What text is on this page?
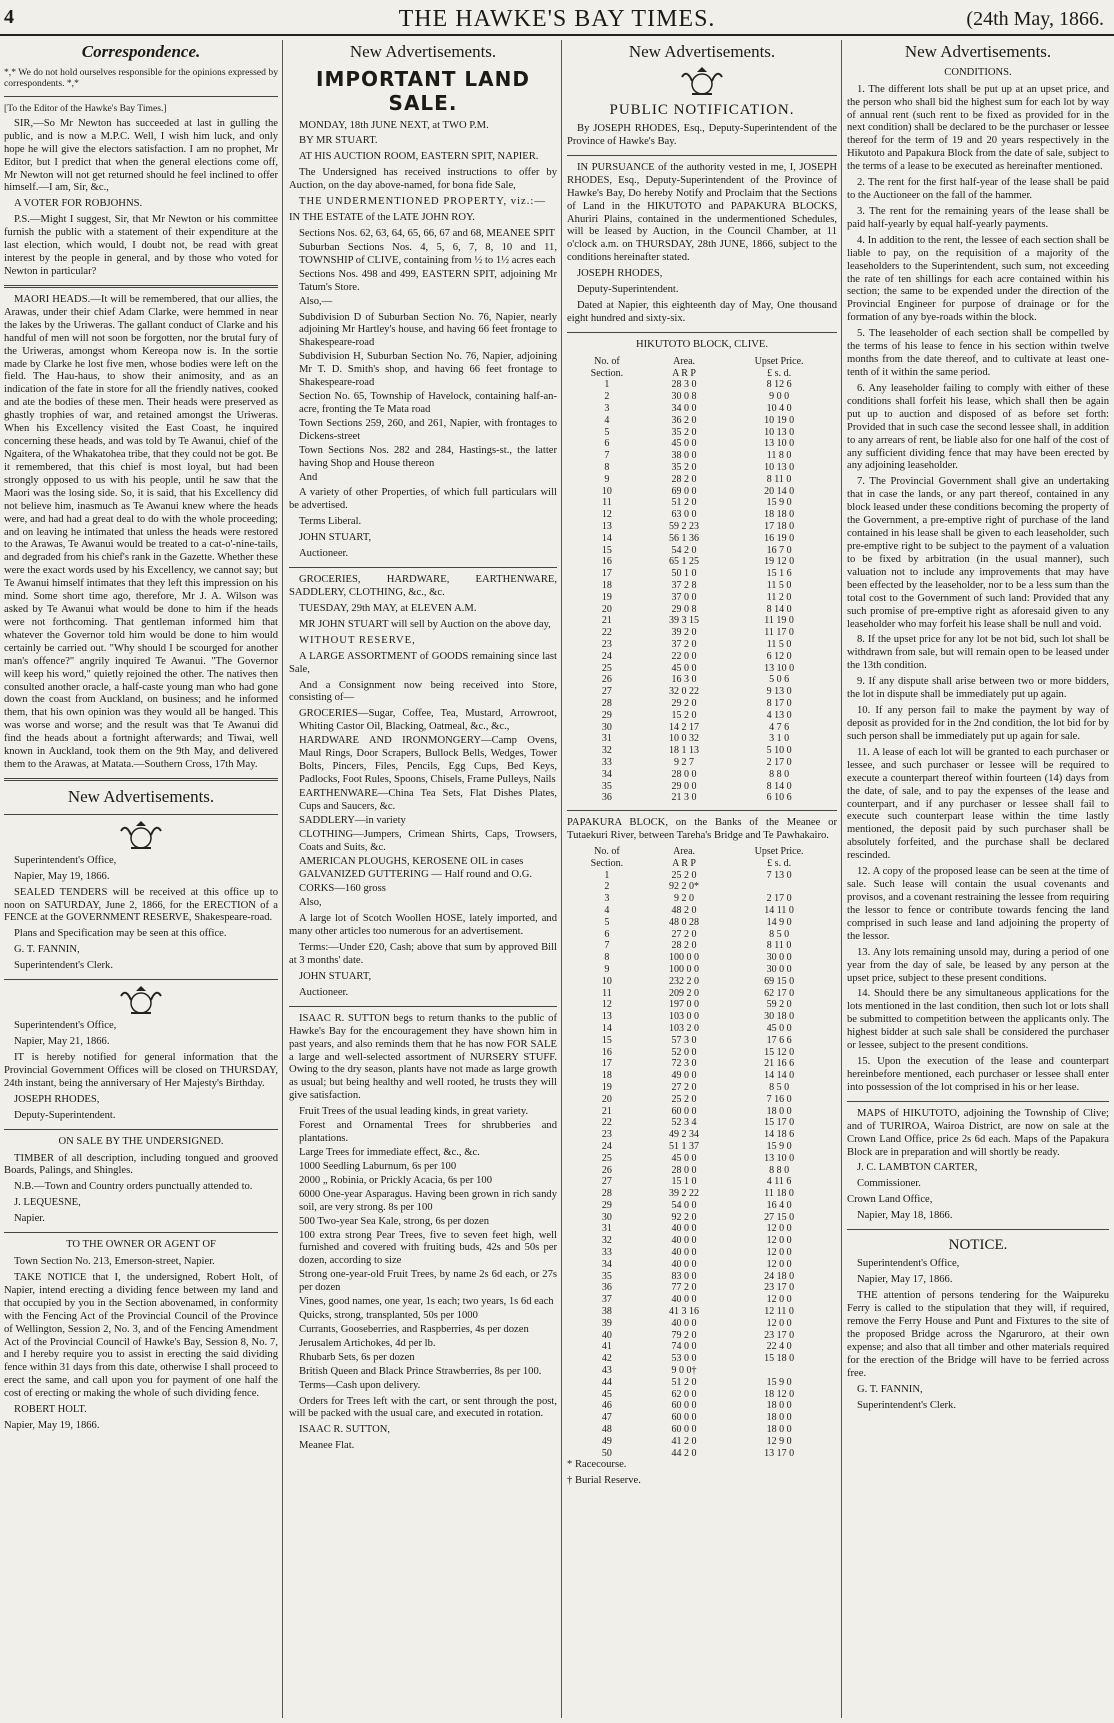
4	THE HAWKE'S BAY TIMES.	(24th May, 1866.
Correspondence.

*,* We do not hold ourselves responsible for the opinions expressed by correspondents. *,*

[To the Editor of the Hawke's Bay Times.]

SIR,—So Mr Newton has succeeded at last in gulling the public, and is now a M.P.C. Well, I wish him luck, and only hope he will give the electors satisfaction. I am no prophet, Mr Editor, but I predict that when the general elections come off, Mr Newton will not get returned should he feel inclined to offer himself.—I am, Sir, &c.,

A VOTER FOR ROBJOHNS.

P.S.—Might I suggest, Sir, that Mr Newton or his committee furnish the public with a statement of their expenditure at the last election, which would, I doubt not, be read with great interest by the people in general, and by those who voted for Newton in particular?

MAORI HEADS.—It will be remembered, that our allies, the Arawas, under their chief Adam Clarke, were hemmed in near the lakes by the Uriweras. The gallant conduct of Clarke and his handful of men will not soon be forgotten, nor the brutal fury of the Uriweras, amongst whom Kereopa now is. In the sortie made by Clarke he lost five men, whose bodies were left on the field. The Hau-haus, to show their animosity, and as an indication of the fate in store for all the friendly natives, cooked and ate the bodies of these men. Their heads were preserved as ghastly trophies of war, and retained amongst the Uriweras. When his Excellency visited the East Coast, he inquired concerning these heads, and was told by Te Awanui, chief of the Ngaitera, of the Whakatohea tribe, that they could not be got. Be it remembered, that this chief is most loyal, but had been strongly opposed to us with his people, until he saw that the Maori was the losing side. So, it is said, that his Excellency did not believe him, inasmuch as Te Awanui knew where the heads were, and had had a great deal to do with the whole proceeding; and on leaving he intimated that unless the heads were restored to the Arawas, Te Awanui would be treated to a cat-o'-nine-tails, and degraded from his chief's rank in the Gazette. Whether these were the exact words used by his Excellency, we cannot say; but Te Awanui himself intimates that they left this impression on his mind. Some short time ago, therefore, Mr J. A. Wilson was asked by Te Awanui what would be done to him if the heads were not forthcoming. That gentleman informed him that whatever the Governor told him would be done to him would certainly be carried out. "Why should I be scourged for another man's offence?" angrily inquired Te Awanui. "The Governor will keep his word," quietly rejoined the other. The natives then consulted another oracle, a half-caste young man who had gone down the coast from Auckland, on business; and he informed them, that his own opinion was they would all be hanged. This was worse and worse; and the result was that Te Awanui did find the heads about a fortnight afterwards; and Tiwai, well known in Auckland, took them on the 9th May, and delivered them to the Arawas, at Matata.—Southern Cross, 17th May.

New Advertisements.

Superintendent's Office,

Napier, May 19, 1866.

SEALED TENDERS will be received at this office up to noon on SATURDAY, June 2, 1866, for the ERECTION of a FENCE at the GOVERNMENT RESERVE, Shakespeare-road.

Plans and Specification may be seen at this office.

G. T. FANNIN,

Superintendent's Clerk.

Superintendent's Office,

Napier, May 21, 1866.

IT is hereby notified for general information that the Provincial Government Offices will be closed on THURSDAY, 24th instant, being the anniversary of Her Majesty's Birthday.

JOSEPH RHODES,

Deputy-Superintendent.

ON SALE BY THE UNDERSIGNED.

TIMBER of all description, including tongued and grooved Boards, Palings, and Shingles.

N.B.—Town and Country orders punctually attended to.

J. LEQUESNE,

Napier.

TO THE OWNER OR AGENT OF

Town Section No. 213, Emerson-street, Napier.

TAKE NOTICE that I, the undersigned, Robert Holt, of Napier, intend erecting a dividing fence between my land and that occupied by you in the Section abovenamed, in conformity with the Fencing Act of the Provincial Council of the Province of Wellington, Session 2, No. 3, and of the Fencing Amendment Act of the Provincial Council of Hawke's Bay, Session 8, No. 7, and I hereby require you to assist in erecting the said dividing fence within 31 days from this date, otherwise I shall proceed to erect the same, and call upon you for payment of one half the cost of erecting or making the whole of such dividing fence.

ROBERT HOLT.

Napier, May 19, 1866.

New Advertisements.
IMPORTANT LAND SALE.

MONDAY, 18th JUNE NEXT, at TWO P.M.

BY MR STUART.

AT HIS AUCTION ROOM, EASTERN SPIT, NAPIER.

The Undersigned has received instructions to offer by Auction, on the day above-named, for bona fide Sale,

THE UNDERMENTIONED PROPERTY, viz.:—

IN THE ESTATE of the LATE JOHN ROY.

Sections Nos. 62, 63, 64, 65, 66, 67 and 68, MEANEE SPIT

Suburban Sections Nos. 4, 5, 6, 7, 8, 10 and 11, TOWNSHIP of CLIVE, containing from ½ to 1½ acres each

Sections Nos. 498 and 499, EASTERN SPIT, adjoining Mr Tatum's Store.

Also,—

Subdivision D of Suburban Section No. 76, Napier, nearly adjoining Mr Hartley's house, and having 66 feet frontage to Shakespeare-road

Subdivision H, Suburban Section No. 76, Napier, adjoining Mr T. D. Smith's shop, and having 66 feet frontage to Shakespeare-road

Section No. 65, Township of Havelock, containing half-an-acre, fronting the Te Mata road

Town Sections 259, 260, and 261, Napier, with frontages to Dickens-street

Town Sections Nos. 282 and 284, Hastings-st., the latter having Shop and House thereon

And

A variety of other Properties, of which full particulars will be advertised.

Terms Liberal.

JOHN STUART,

Auctioneer.

GROCERIES, HARDWARE, EARTHENWARE, SADDLERY, CLOTHING, &c., &c.

TUESDAY, 29th MAY, at ELEVEN A.M.

MR JOHN STUART will sell by Auction on the above day,

WITHOUT RESERVE,

A LARGE ASSORTMENT of GOODS remaining since last Sale,

And a Consignment now being received into Store, consisting of—

GROCERIES—Sugar, Coffee, Tea, Mustard, Arrowroot, Whiting Castor Oil, Blacking, Oatmeal, &c., &c.,

HARDWARE AND IRONMONGERY—Camp Ovens, Maul Rings, Door Scrapers, Bullock Bells, Wedges, Tower Bolts, Pincers, Files, Pencils, Egg Cups, Bed Keys, Padlocks, Foot Rules, Spoons, Chisels, Frame Pulleys, Nails

EARTHENWARE—China Tea Sets, Flat Dishes Plates, Cups and Saucers, &c.

SADDLERY—in variety

CLOTHING—Jumpers, Crimean Shirts, Caps, Trowsers, Coats and Suits, &c.

AMERICAN PLOUGHS, KEROSENE OIL in cases

GALVANIZED GUTTERING — Half round and O.G.

CORKS—160 gross

Also,

A large lot of Scotch Woollen HOSE, lately imported, and many other articles too numerous for an advertisement.

Terms:—Under £20, Cash; above that sum by approved Bill at 3 months' date.

JOHN STUART,

Auctioneer.

ISAAC R. SUTTON begs to return thanks to the public of Hawke's Bay for the encouragement they have shown him in past years, and also reminds them that he has now FOR SALE a large and well-selected assortment of NURSERY STUFF. Owing to the dry season, plants have not made as large growth as usual; but being healthy and well rooted, he trusts they will give satisfaction.

Fruit Trees of the usual leading kinds, in great variety.

Forest and Ornamental Trees for shrubberies and plantations.

Large Trees for immediate effect, &c., &c.

1000 Seedling Laburnum, 6s per 100

2000 „ Robinia, or Prickly Acacia, 6s per 100

6000 One-year Asparagus. Having been grown in rich sandy soil, are very strong. 8s per 100

500 Two-year Sea Kale, strong, 6s per dozen

100 extra strong Pear Trees, five to seven feet high, well furnished and covered with fruiting buds, 42s and 50s per dozen, according to size

Strong one-year-old Fruit Trees, by name 2s 6d each, or 27s per dozen

Vines, good names, one year, 1s each; two years, 1s 6d each

Quicks, strong, transplanted, 50s per 1000

Currants, Gooseberries, and Raspberries, 4s per dozen

Jerusalem Artichokes, 4d per lb.

Rhubarb Sets, 6s per dozen

British Queen and Black Prince Strawberries, 8s per 100.

Terms—Cash upon delivery.

Orders for Trees left with the cart, or sent through the post, will be packed with the usual care, and executed in rotation.

ISAAC R. SUTTON,

Meanee Flat.

New Advertisements.
PUBLIC NOTIFICATION.

By JOSEPH RHODES, Esq., Deputy-Superintendent of the Province of Hawke's Bay.

IN PURSUANCE of the authority vested in me, I, JOSEPH RHODES, Esq., Deputy-Superintendent of the Province of Hawke's Bay, Do hereby Notify and Proclaim that the Sections of Land in the HIKUTOTO and PAPAKURA BLOCKS, Ahuriri Plains, contained in the undermentioned Schedules, will be leased by Auction, in the Council Chamber, at 11 o'clock a.m. on THURSDAY, 28th JUNE, 1866, subject to the conditions hereinafter stated.

JOSEPH RHODES,

Deputy-Superintendent.

Dated at Napier, this eighteenth day of May, One thousand eight hundred and sixty-six.

HIKUTOTO BLOCK, CLIVE.
No. of	Area.	Upset Price.
Section.	A R P	£ s. d.
1	28 3 0	8 12 6
2	30 0 8	9 0 0
3	34 0 0	10 4 0
4	36 2 0	10 19 0
5	35 2 0	10 13 0
6	45 0 0	13 10 0
7	38 0 0	11 8 0
8	35 2 0	10 13 0
9	28 2 0	8 11 0
10	69 0 0	20 14 0
11	51 2 0	15 9 0
12	63 0 0	18 18 0
13	59 2 23	17 18 0
14	56 1 36	16 19 0
15	54 2 0	16 7 0
16	65 1 25	19 12 0
17	50 1 0	15 1 6
18	37 2 8	11 5 0
19	37 0 0	11 2 0
20	29 0 8	8 14 0
21	39 3 15	11 19 0
22	39 2 0	11 17 0
23	37 2 0	11 5 0
24	22 0 0	6 12 0
25	45 0 0	13 10 0
26	16 3 0	5 0 6
27	32 0 22	9 13 0
28	29 2 0	8 17 0
29	15 2 0	4 13 0
30	14 2 17	4 7 6
31	10 0 32	3 1 0
32	18 1 13	5 10 0
33	9 2 7	2 17 0
34	28 0 0	8 8 0
35	29 0 0	8 14 0
36	21 3 0	6 10 6

PAPAKURA BLOCK, on the Banks of the Meanee or Tutaekuri River, between Tareha's Bridge and Te Pawhakairo.

No. of	Area.	Upset Price.
Section.	A R P	£ s. d.
1	25 2 0	7 13 0
2	92 2 0*	
3	9 2 0	2 17 0
4	48 2 0	14 11 0
5	48 0 28	14 9 0
6	27 2 0	8 5 0
7	28 2 0	8 11 0
8	100 0 0	30 0 0
9	100 0 0	30 0 0
10	232 2 0	69 15 0
11	209 2 0	62 17 0
12	197 0 0	59 2 0
13	103 0 0	30 18 0
14	103 2 0	45 0 0
15	57 3 0	17 6 6
16	52 0 0	15 12 0
17	72 3 0	21 16 6
18	49 0 0	14 14 0
19	27 2 0	8 5 0
20	25 2 0	7 16 0
21	60 0 0	18 0 0
22	52 3 4	15 17 0
23	49 2 34	14 18 6
24	51 1 37	15 9 0
25	45 0 0	13 10 0
26	28 0 0	8 8 0
27	15 1 0	4 11 6
28	39 2 22	11 18 0
29	54 0 0	16 4 0
30	92 2 0	27 15 0
31	40 0 0	12 0 0
32	40 0 0	12 0 0
33	40 0 0	12 0 0
34	40 0 0	12 0 0
35	83 0 0	24 18 0
36	77 2 0	23 17 0
37	40 0 0	12 0 0
38	41 3 16	12 11 0
39	40 0 0	12 0 0
40	79 2 0	23 17 0
41	74 0 0	22 4 0
42	53 0 0	15 18 0
43	9 0 0†	
44	51 2 0	15 9 0
45	62 0 0	18 12 0
46	60 0 0	18 0 0
47	60 0 0	18 0 0
48	60 0 0	18 0 0
49	41 2 0	12 9 0
50	44 2 0	13 17 0

* Racecourse.

† Burial Reserve.

New Advertisements.
CONDITIONS.

1. The different lots shall be put up at an upset price, and the person who shall bid the highest sum for each lot by way of annual rent (such rent to be fixed as provided for in the next condition) shall be declared to be the purchaser or lessee thereof for the term of 19 and 20 years respectively in the Hikutoto and Papakura Block from the date of sale, subject to the terms of a lease to be executed as hereinafter mentioned.

2. The rent for the first half-year of the lease shall be paid to the Auctioneer on the fall of the hammer.

3. The rent for the remaining years of the lease shall be paid half-yearly by equal half-yearly payments.

4. In addition to the rent, the lessee of each section shall be liable to pay, on the requisition of a majority of the leaseholders to the Superintendent, such sum, not exceeding the rate of ten shillings for each acre contained within his section; the same to be expended under the direction of the Provincial Engineer for purpose of drainage or for the formation of any bye-roads within the block.

5. The leaseholder of each section shall be compelled by the terms of his lease to fence in his section within twelve months from the date thereof, and to cultivate at least one-tenth of it within the same period.

6. Any leaseholder failing to comply with either of these conditions shall forfeit his lease, which shall then be again put up to auction and disposed of as before set forth: Provided that in such case the second lessee shall, in addition to any arrears of rent, be liable also for one half of the cost of any sufficient dividing fence that may have been erected by any adjoining leaseholder.

7. The Provincial Government shall give an undertaking that in case the lands, or any part thereof, contained in any block leased under these conditions becoming the property of the Government, a pre-emptive right of purchase of the land contained in his lease shall be given to each leaseholder, such pre-emptive right to be subject to the payment of a valuation to be fixed by arbitration (in the usual manner), such valuation not to include any improvements that may have been effected by the leaseholder, nor to be a less sum than the total cost to the Government of such land: Provided that any such promise of pre-emptive right as aforesaid given to any leaseholder who may forfeit his lease shall be null and void.

8. If the upset price for any lot be not bid, such lot shall be withdrawn from sale, but will remain open to be leased under the 13th condition.

9. If any dispute shall arise between two or more bidders, the lot in dispute shall be immediately put up again.

10. If any person fail to make the payment by way of deposit as provided for in the 2nd condition, the lot bid for by such person shall be immediately put up again for sale.

11. A lease of each lot will be granted to each purchaser or lessee, and such purchaser or lessee will be required to execute a counterpart thereof within fourteen (14) days from the date, of sale, and to pay the expenses of the lease and counterpart, and if any purchaser or lessee shall fail to execute such counterpart lease within the time lastly mentioned, the deposit paid by such purchaser shall be absolutely forfeited, and the purchase shall be declared rescinded.

12. A copy of the proposed lease can be seen at the time of sale. Such lease will contain the usual covenants and provisos, and a covenant restraining the lessee from requiring the lessor to fence or contribute towards fencing the land comprised in such lease and land adjoining the property of the lessor.

13. Any lots remaining unsold may, during a period of one year from the day of sale, be leased by any person at the upset price, subject to these present conditions.

14. Should there be any simultaneous applications for the lots mentioned in the last condition, then such lot or lots shall be submitted to competition between the applicants only. The highest bidder at such sale shall be considered the purchaser or lessee, subject to the present conditions.

15. Upon the execution of the lease and counterpart hereinbefore mentioned, each purchaser or lessee shall enter into possession of the lot comprised in his or her lease.

MAPS of HIKUTOTO, adjoining the Township of Clive; and of TURIROA, Wairoa District, are now on sale at the Crown Land Office, price 2s 6d each. Maps of the Papakura Block are in preparation and will shortly be ready.

J. C. LAMBTON CARTER,

Commissioner.

Crown Land Office,

Napier, May 18, 1866.

NOTICE.

Superintendent's Office,

Napier, May 17, 1866.

THE attention of persons tendering for the Waipureku Ferry is called to the stipulation that they will, if required, remove the Ferry House and Punt and Fixtures to the site of the proposed Bridge across the Ngaruroro, at their own expense; and also that all timber and other materials required for the erection of the Bridge will have to be ferried across free.

G. T. FANNIN,

Superintendent's Clerk.
